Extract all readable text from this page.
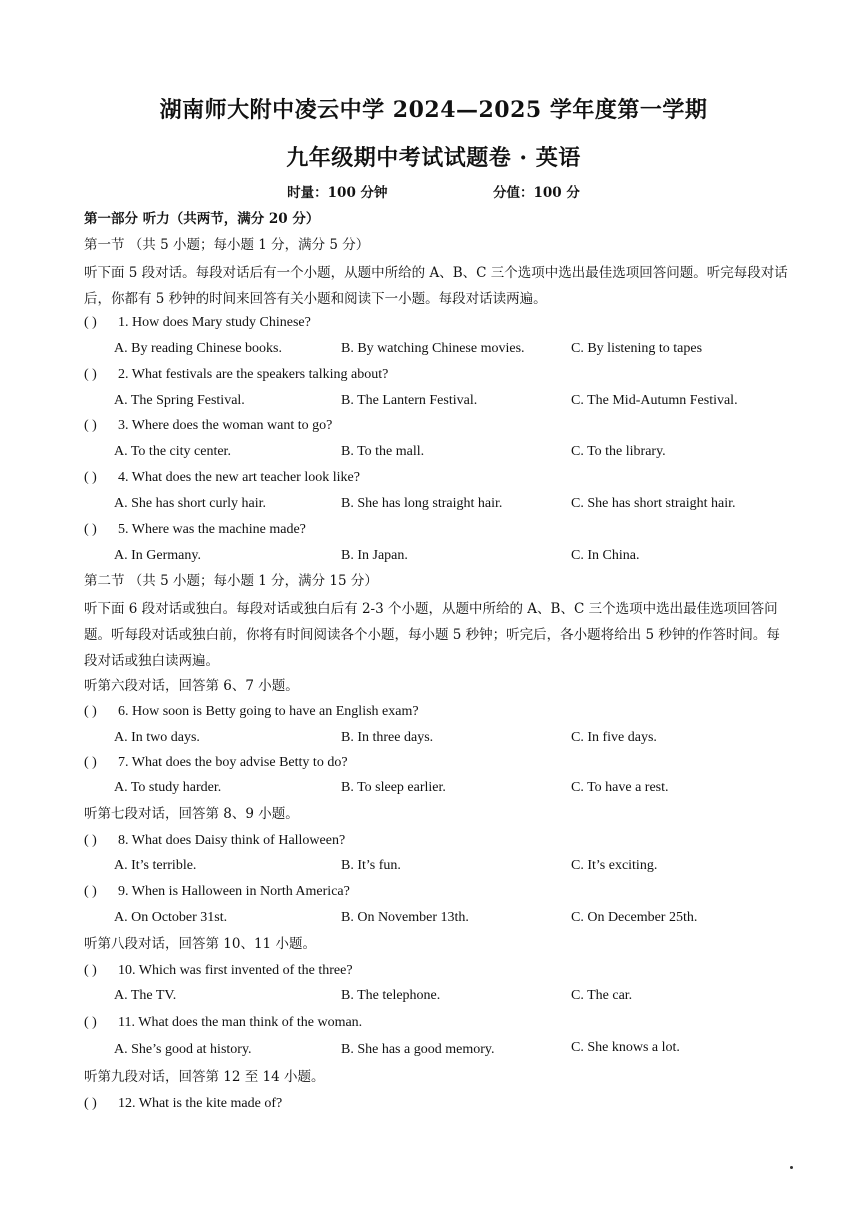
湖南师大附中凌云中学 2024—2025 学年度第一学期
九年级期中考试试题卷 · 英语
时量：100 分钟	分值：100 分
第一部分 听力（共两节，满分 20 分）
第一节 （共 5 小题；每小题 1 分，满分 5 分）
听下面 5 段对话。每段对话后有一个小题，从题中所给的 A、B、C 三个选项中选出最佳选项回答问题。听完每段对话后，你都有 5 秒钟的时间来回答有关小题和阅读下一小题。每段对话读两遍。
( ) 1. How does Mary study Chinese?
A. By reading Chinese books.	B. By watching Chinese movies.	C. By listening to tapes
( ) 2. What festivals are the speakers talking about?
A. The Spring Festival.	B. The Lantern Festival.	C. The Mid-Autumn Festival.
( ) 3. Where does the woman want to go?
A. To the city center.	B. To the mall.	C. To the library.
( ) 4. What does the new art teacher look like?
A. She has short curly hair.	B. She has long straight hair.	C. She has short straight hair.
( ) 5. Where was the machine made?
A. In Germany.	B. In Japan.	C. In China.
第二节 （共 5 小题；每小题 1 分，满分 15 分）
听下面 6 段对话或独白。每段对话或独白后有 2-3 个小题，从题中所给的 A、B、C 三个选项中选出最佳选项回答问题。听每段对话或独白前，你将有时间阅读各个小题，每小题 5 秒钟；听完后，各小题将给出 5 秒钟的作答时间。每段对话或独白读两遍。
听第六段对话，回答第 6、7 小题。
( ) 6. How soon is Betty going to have an English exam?
A. In two days.	B. In three days.	C. In five days.
( ) 7. What does the boy advise Betty to do?
A. To study harder.	B. To sleep earlier.	C. To have a rest.
听第七段对话，回答第 8、9 小题。
( ) 8. What does Daisy think of Halloween?
A. It’s terrible.	B. It’s fun.	C. It’s exciting.
( ) 9. When is Halloween in North America?
A. On October 31st.	B. On November 13th.	C. On December 25th.
听第八段对话，回答第 10、11 小题。
( ) 10. Which was first invented of the three?
A. The TV.	B. The telephone.	C. The car.
( ) 11. What does the man think of the woman.
A. She’s good at history.	B. She has a good memory.	C. She knows a lot.
听第九段对话，回答第 12 至 14 小题。
( ) 12. What is the kite made of?
